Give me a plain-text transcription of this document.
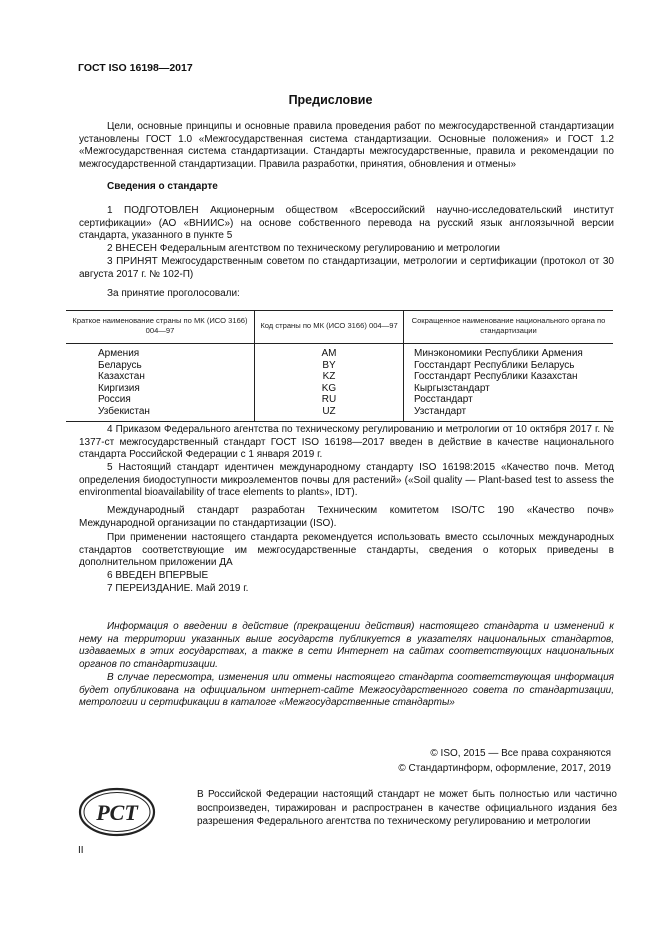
ГОСТ ISO 16198—2017
Предисловие

Цели, основные принципы и основные правила проведения работ по межгосударственной стандартизации установлены ГОСТ 1.0 «Межгосударственная система стандартизации. Основные положения» и ГОСТ 1.2 «Межгосударственная система стандартизации. Стандарты межгосударственные, правила и рекомендации по межгосударственной стандартизации. Правила разработки, принятия, обновления и отмены»

Сведения о стандарте

1 ПОДГОТОВЛЕН Акционерным обществом «Всероссийский научно-исследовательский институт сертификации» (АО «ВНИИС») на основе собственного перевода на русский язык англоязычной версии стандарта, указанного в пункте 5

2 ВНЕСЕН Федеральным агентством по техническому регулированию и метрологии

3 ПРИНЯТ Межгосударственным советом по стандартизации, метрологии и сертификации (протокол от 30 августа 2017 г. № 102-П)

За принятие проголосовали:

Краткое наименование страны по МК (ИСО 3166) 004—97	Код страны по МК (ИСО 3166) 004—97	Сокращенное наименование национального органа по стандартизации
Армения	AM	Минэкономики Республики Армения
Беларусь	BY	Госстандарт Республики Беларусь
Казахстан	KZ	Госстандарт Республики Казахстан
Киргизия	KG	Кыргызстандарт
Россия	RU	Росстандарт
Узбекистан	UZ	Узстандарт

4 Приказом Федерального агентства по техническому регулированию и метрологии от 10 октября 2017 г. № 1377-ст межгосударственный стандарт ГОСТ ISO 16198—2017 введен в действие в качестве национального стандарта Российской Федерации с 1 января 2019 г.

5 Настоящий стандарт идентичен международному стандарту ISO 16198:2015 «Качество почв. Метод определения биодоступности микроэлементов почвы для растений» («Soil quality — Plant-based test to assess the environmental bioavailability of trace elements to plants», IDT).

Международный стандарт разработан Техническим комитетом ISO/TC 190 «Качество почв» Международной организации по стандартизации (ISO).

При применении настоящего стандарта рекомендуется использовать вместо ссылочных международных стандартов соответствующие им межгосударственные стандарты, сведения о которых приведены в дополнительном приложении ДА

6 ВВЕДЕН ВПЕРВЫЕ

7 ПЕРЕИЗДАНИЕ. Май 2019 г.

Информация о введении в действие (прекращении действия) настоящего стандарта и изменений к нему на территории указанных выше государств публикуется в указателях национальных стандартов, издаваемых в этих государствах, а также в сети Интернет на сайтах соответствующих национальных органов по стандартизации.

В случае пересмотра, изменения или отмены настоящего стандарта соответствующая информация будет опубликована на официальном интернет-сайте Межгосударственного совета по стандартизации, метрологии и сертификации в каталоге «Межгосударственные стандарты»

© ISO, 2015 — Все права сохраняются
© Стандартинформ, оформление, 2017, 2019
РСТ

В Российской Федерации настоящий стандарт не может быть полностью или частично воспроизведен, тиражирован и распространен в качестве официального издания без разрешения Федерального агентства по техническому регулированию и метрологии

II
